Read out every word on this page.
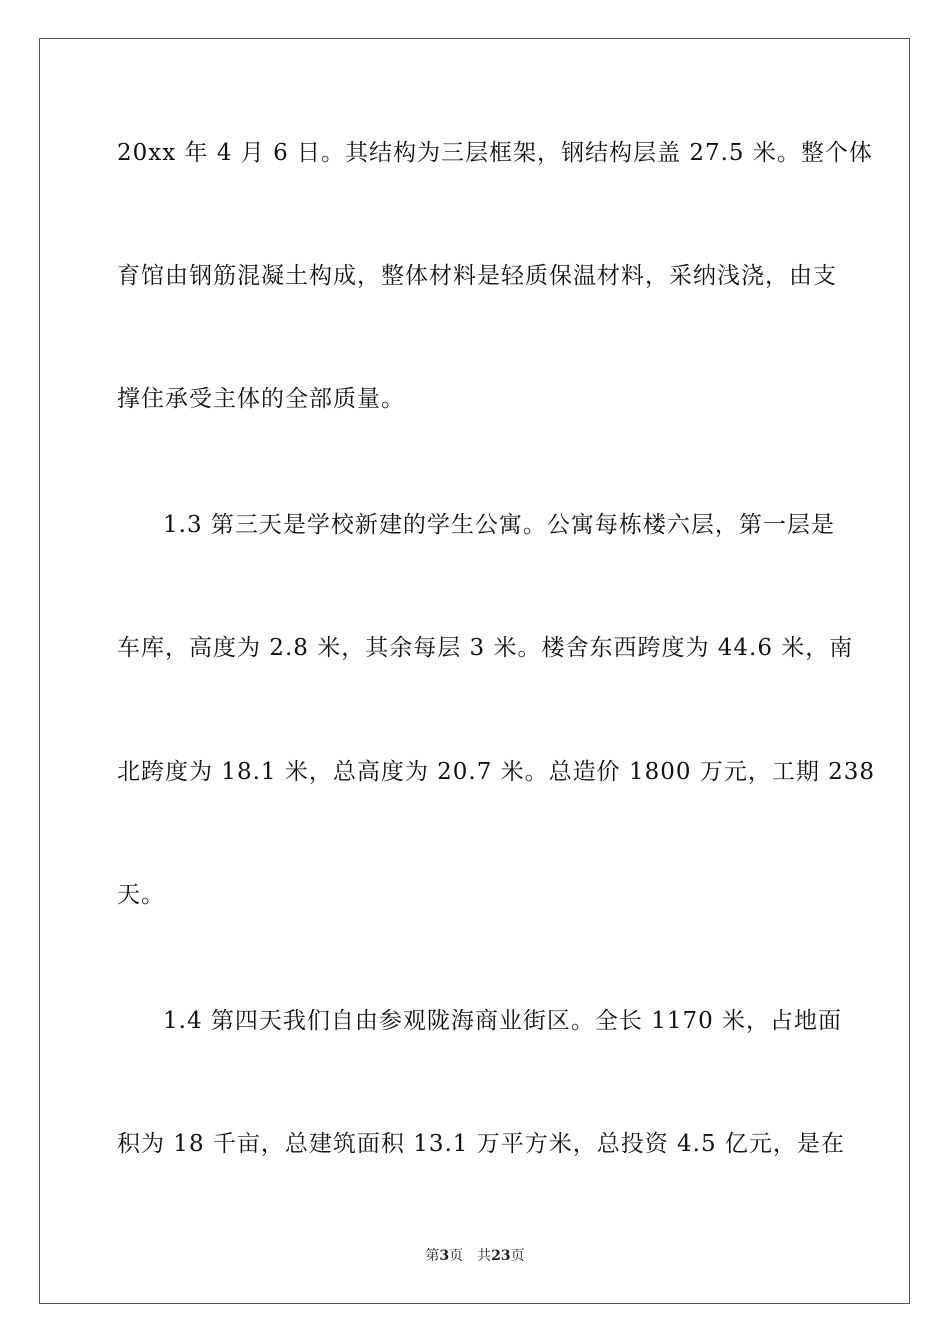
20xx 年 4 月 6 日。其结构为三层框架，钢结构层盖 27.5 米。整个体
育馆由钢筋混凝土构成，整体材料是轻质保温材料，采纳浅浇，由支
撑住承受主体的全部质量。
1.3 第三天是学校新建的学生公寓。公寓每栋楼六层，第一层是
车库，高度为 2.8 米，其余每层 3 米。楼舍东西跨度为 44.6 米，南
北跨度为 18.1 米，总高度为 20.7 米。总造价 1800 万元，工期 238
天。
1.4 第四天我们自由参观陇海商业街区。全长 1170 米，占地面
积为 18 千亩，总建筑面积 13.1 万平方米，总投资 4.5 亿元，是在
第3页 共23页
